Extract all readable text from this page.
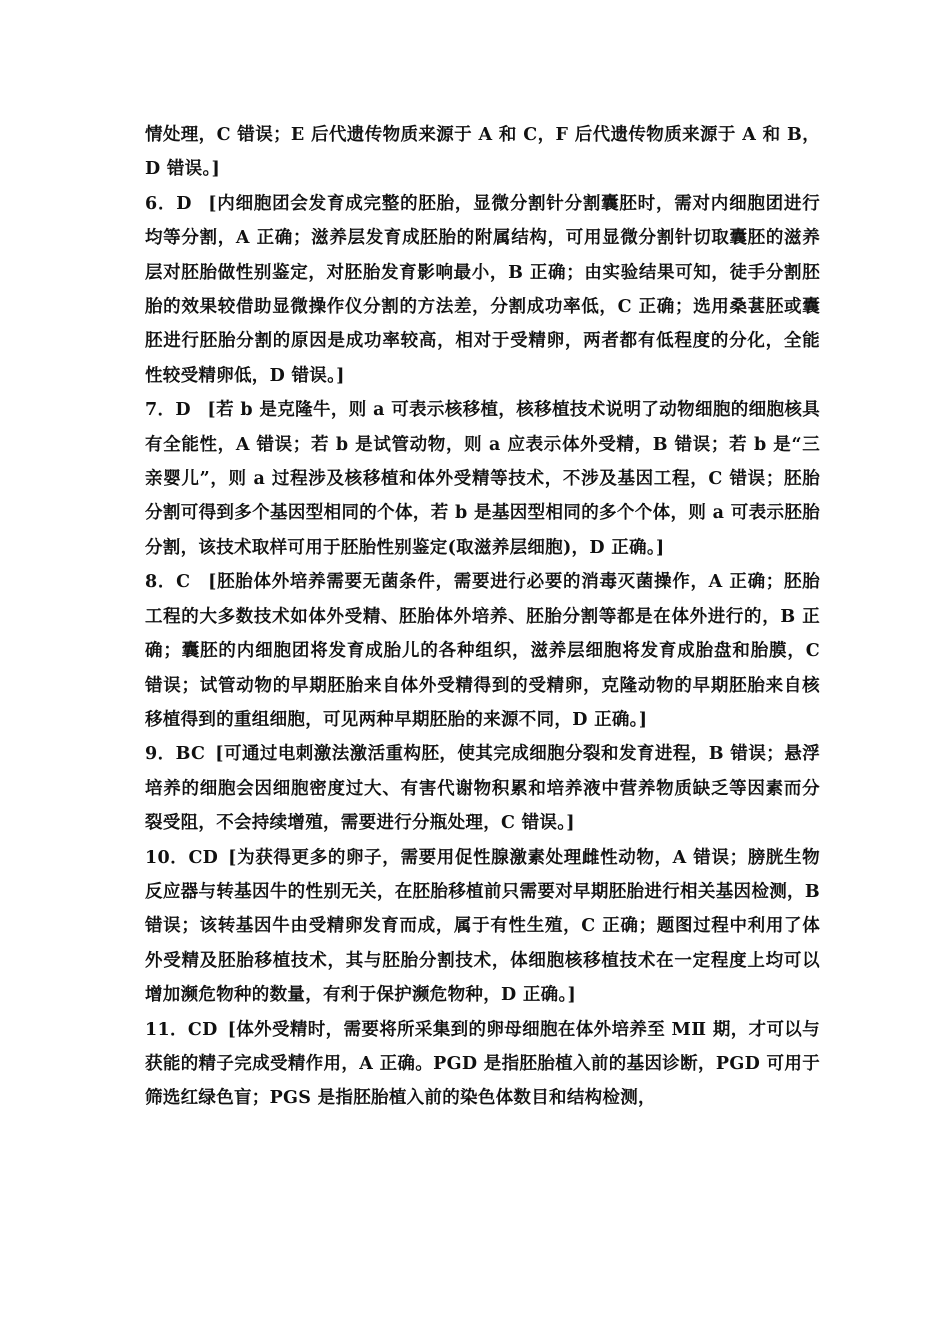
情处理，C 错误；E 后代遗传物质来源于 A 和 C，F 后代遗传物质来源于 A 和 B，D 错误。]

6．D [内细胞团会发育成完整的胚胎，显微分割针分割囊胚时，需对内细胞团进行均等分割，A 正确；滋养层发育成胚胎的附属结构，可用显微分割针切取囊胚的滋养层对胚胎做性别鉴定，对胚胎发育影响最小，B 正确；由实验结果可知，徒手分割胚胎的效果较借助显微操作仪分割的方法差，分割成功率低，C 正确；选用桑葚胚或囊胚进行胚胎分割的原因是成功率较高，相对于受精卵，两者都有低程度的分化，全能性较受精卵低，D 错误。]

7．D [若 b 是克隆牛，则 a 可表示核移植，核移植技术说明了动物细胞的细胞核具有全能性，A 错误；若 b 是试管动物，则 a 应表示体外受精，B 错误；若 b 是“三亲婴儿”，则 a 过程涉及核移植和体外受精等技术，不涉及基因工程，C 错误；胚胎分割可得到多个基因型相同的个体，若 b 是基因型相同的多个个体，则 a 可表示胚胎分割，该技术取样可用于胚胎性别鉴定(取滋养层细胞)，D 正确。]

8．C [胚胎体外培养需要无菌条件，需要进行必要的消毒灭菌操作，A 正确；胚胎工程的大多数技术如体外受精、胚胎体外培养、胚胎分割等都是在体外进行的，B 正确；囊胚的内细胞团将发育成胎儿的各种组织，滋养层细胞将发育成胎盘和胎膜，C 错误；试管动物的早期胚胎来自体外受精得到的受精卵，克隆动物的早期胚胎来自核移植得到的重组细胞，可见两种早期胚胎的来源不同，D 正确。]

9．BC [可通过电刺激法激活重构胚，使其完成细胞分裂和发育进程，B 错误；悬浮培养的细胞会因细胞密度过大、有害代谢物积累和培养液中营养物质缺乏等因素而分裂受阻，不会持续增殖，需要进行分瓶处理，C 错误。]

10．CD [为获得更多的卵子，需要用促性腺激素处理雌性动物，A 错误；膀胱生物反应器与转基因牛的性别无关，在胚胎移植前只需要对早期胚胎进行相关基因检测，B 错误；该转基因牛由受精卵发育而成，属于有性生殖，C 正确；题图过程中利用了体外受精及胚胎移植技术，其与胚胎分割技术，体细胞核移植技术在一定程度上均可以增加濒危物种的数量，有利于保护濒危物种，D 正确。]

11．CD [体外受精时，需要将所采集到的卵母细胞在体外培养至 MⅡ 期，才可以与获能的精子完成受精作用，A 正确。PGD 是指胚胎植入前的基因诊断，PGD 可用于筛选红绿色盲；PGS 是指胚胎植入前的染色体数目和结构检测，
